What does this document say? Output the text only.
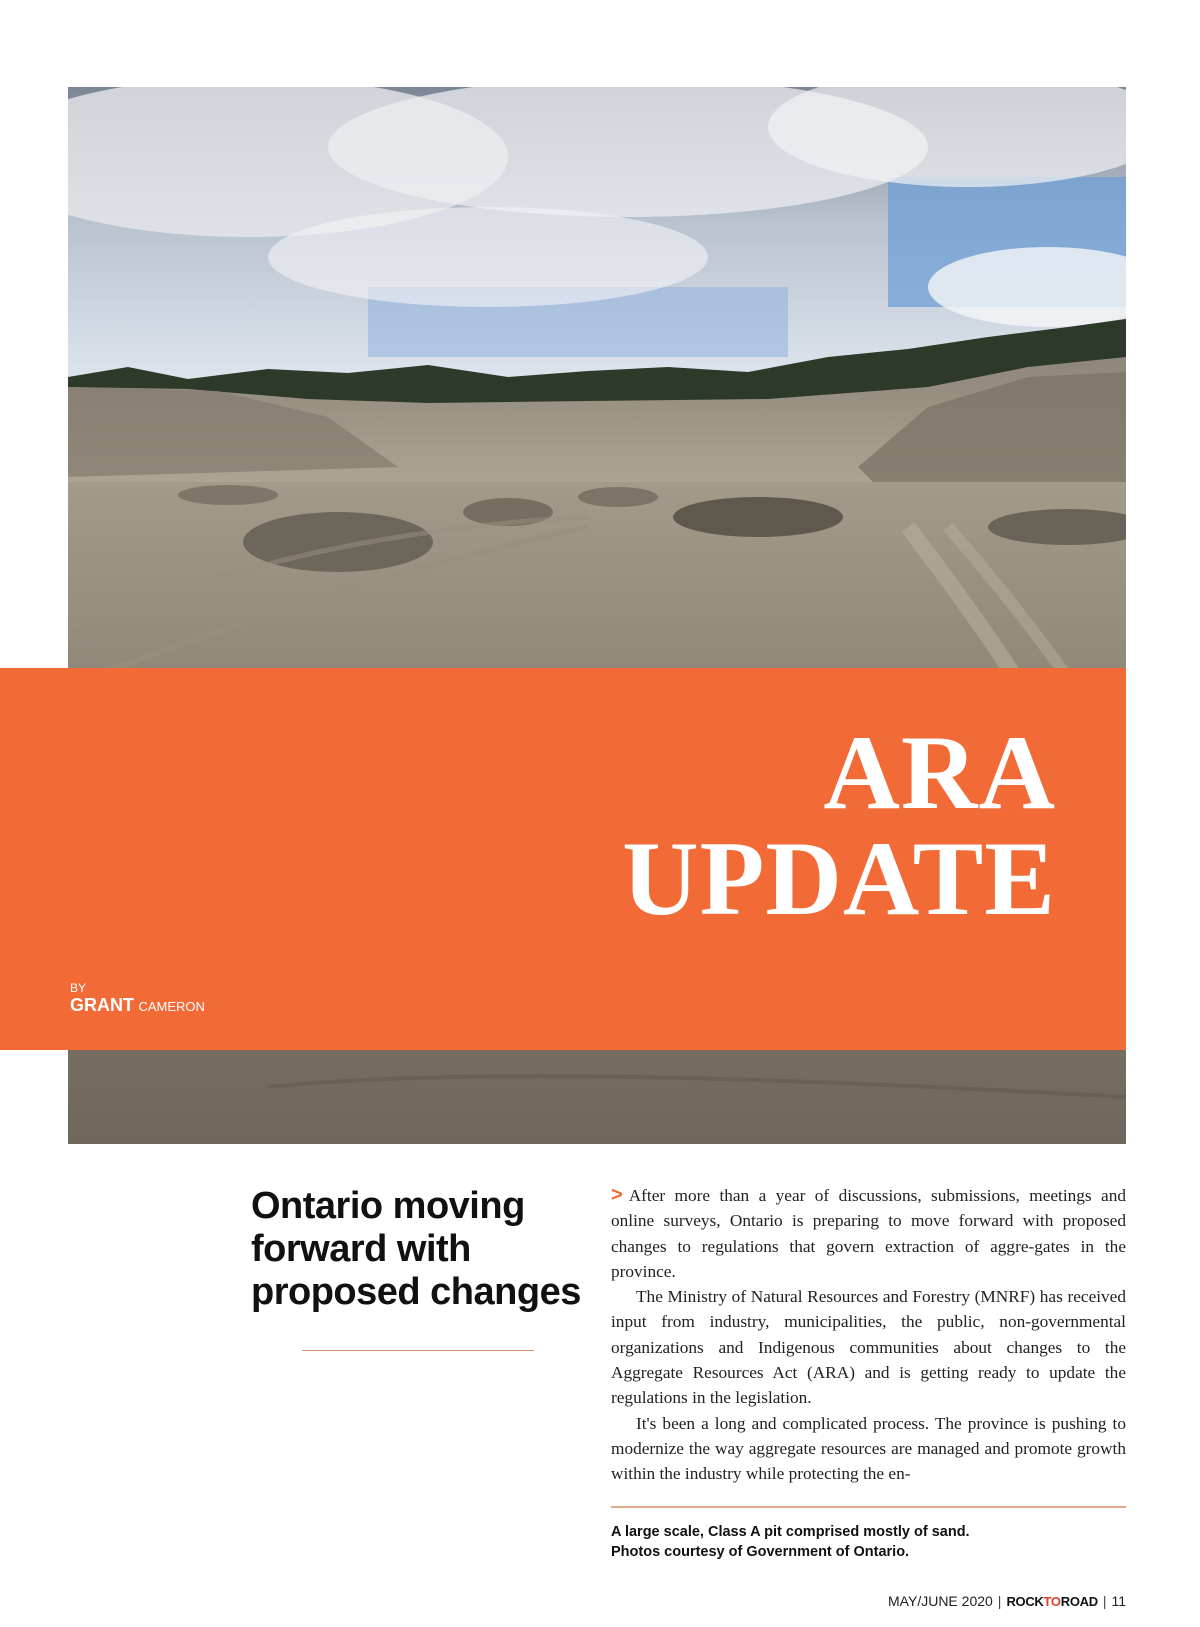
ARA
UPDATE
BY
GRANT CAMERON
Ontario moving forward with proposed changes

> After more than a year of discussions, submissions, meetings and online surveys, Ontario is preparing to move forward with proposed changes to regulations that govern extraction of aggre-gates in the province.

The Ministry of Natural Resources and Forestry (MNRF) has received input from industry, municipalities, the public, non-governmental organizations and Indigenous communities about changes to the Aggregate Resources Act (ARA) and is getting ready to update the regulations in the legislation.

It's been a long and complicated process. The province is pushing to modernize the way aggregate resources are managed and promote growth within the industry while protecting the en-

A large scale, Class A pit comprised mostly of sand.
Photos courtesy of Government of Ontario.
MAY/JUNE 2020 | ROCKTOROAD | 11
